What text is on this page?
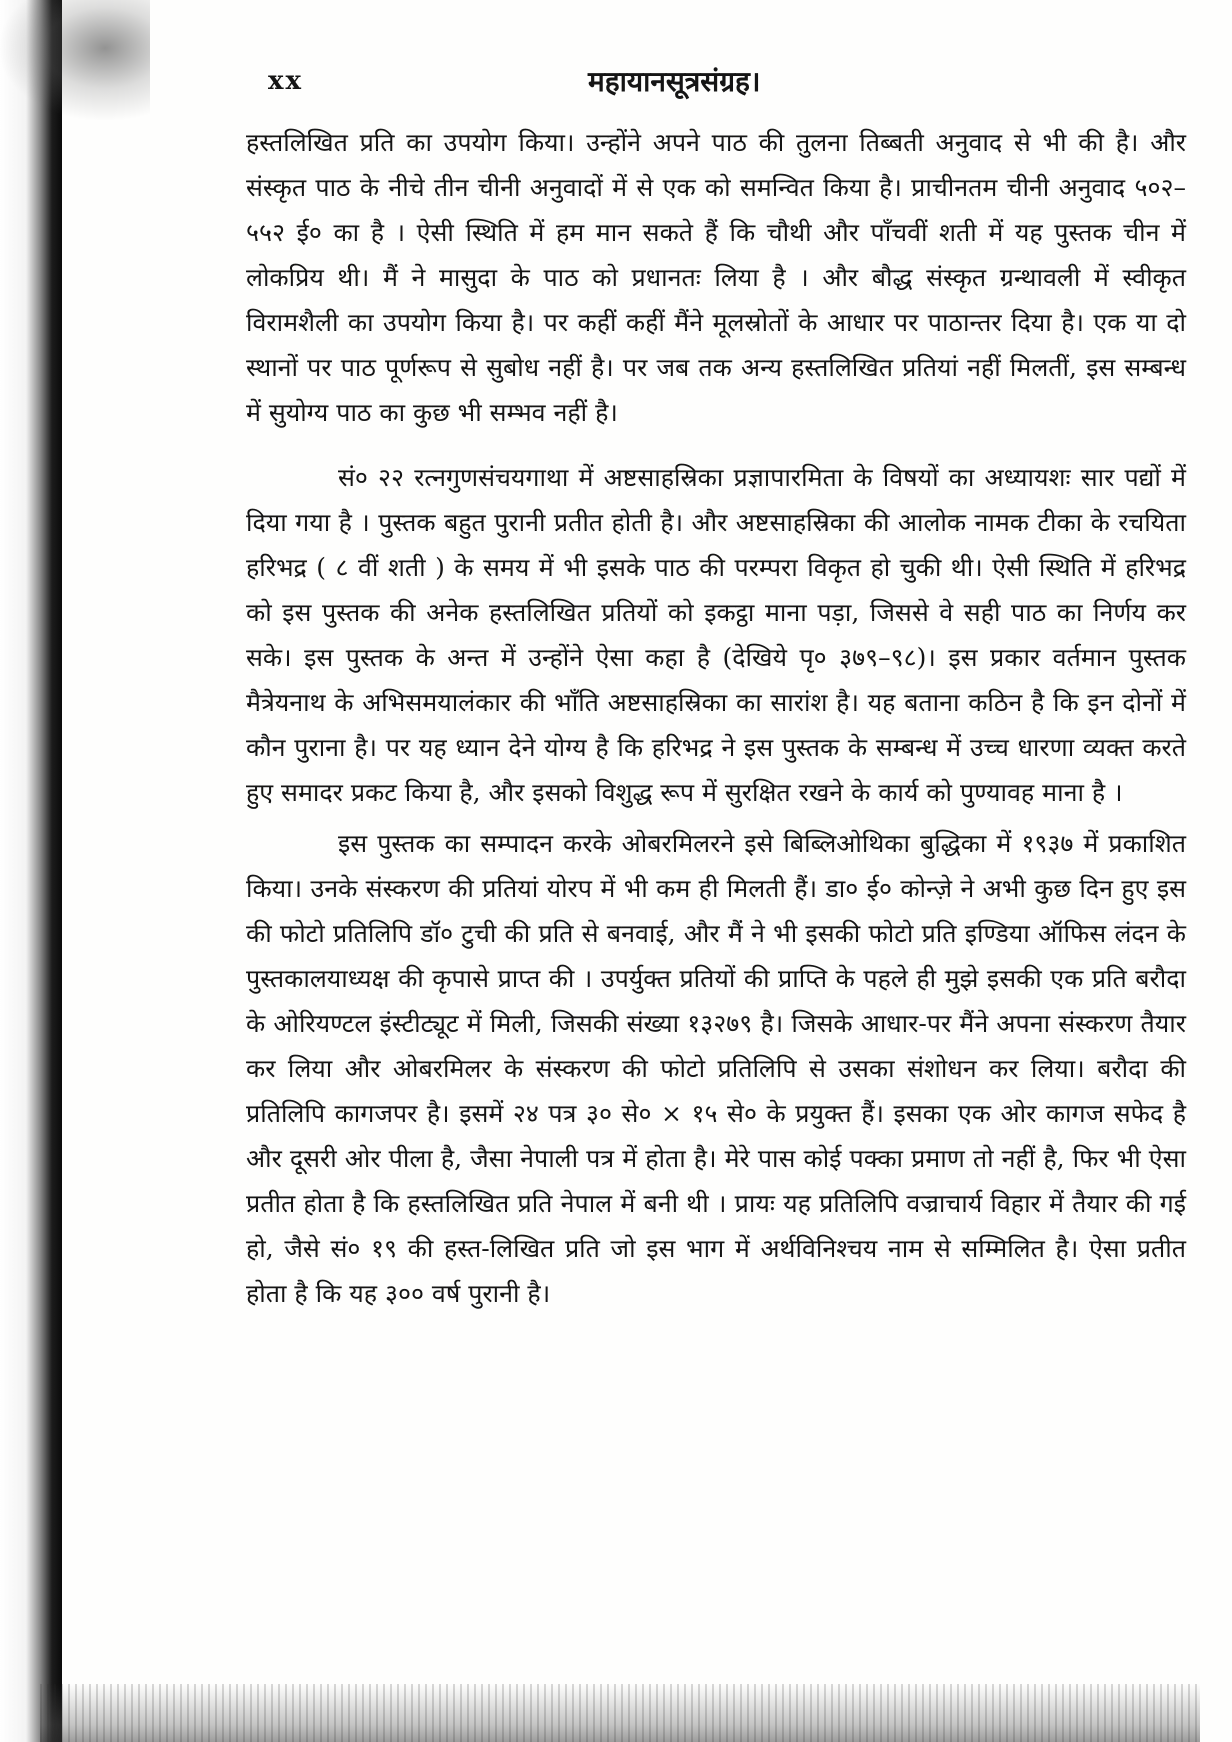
xx	महायानसूत्रसंग्रह।

हस्तलिखित प्रति का उपयोग किया। उन्होंने अपने पाठ की तुलना तिब्बती अनुवाद से भी की है। और संस्कृत पाठ के नीचे तीन चीनी अनुवादों में से एक को समन्वित किया है। प्राचीनतम चीनी अनुवाद ५०२–५५२ ई० का है । ऐसी स्थिति में हम मान सकते हैं कि चौथी और पाँचवीं शती में यह पुस्तक चीन में लोकप्रिय थी। मैं ने मासुदा के पाठ को प्रधानतः लिया है । और बौद्ध संस्कृत ग्रन्थावली में स्वीकृत विरामशैली का उपयोग किया है। पर कहीं कहीं मैंने मूलस्रोतों के आधार पर पाठान्तर दिया है। एक या दो स्थानों पर पाठ पूर्णरूप से सुबोध नहीं है। पर जब तक अन्य हस्तलिखित प्रतियां नहीं मिलतीं, इस सम्बन्ध में सुयोग्य पाठ का कुछ भी सम्भव नहीं है।

सं० २२ रत्नगुणसंचयगाथा में अष्टसाहस्रिका प्रज्ञापारमिता के विषयों का अध्यायशः सार पद्यों में दिया गया है । पुस्तक बहुत पुरानी प्रतीत होती है। और अष्टसाहस्रिका की आलोक नामक टीका के रचयिता हरिभद्र ( ८ वीं शती ) के समय में भी इसके पाठ की परम्परा विकृत हो चुकी थी। ऐसी स्थिति में हरिभद्र को इस पुस्तक की अनेक हस्तलिखित प्रतियों को इकट्ठा माना पड़ा, जिससे वे सही पाठ का निर्णय कर सके। इस पुस्तक के अन्त में उन्होंने ऐसा कहा है (देखिये पृ० ३७९–९८)। इस प्रकार वर्तमान पुस्तक मैत्रेयनाथ के अभिसमयालंकार की भाँति अष्टसाहस्रिका का सारांश है। यह बताना कठिन है कि इन दोनों में कौन पुराना है। पर यह ध्यान देने योग्य है कि हरिभद्र ने इस पुस्तक के सम्बन्ध में उच्च धारणा व्यक्त करते हुए समादर प्रकट किया है, और इसको विशुद्ध रूप में सुरक्षित रखने के कार्य को पुण्यावह माना है ।

इस पुस्तक का सम्पादन करके ओबरमिलरने इसे बिब्लिओथिका बुद्धिका में १९३७ में प्रकाशित किया। उनके संस्करण की प्रतियां योरप में भी कम ही मिलती हैं। डा० ई० कोन्ज़े ने अभी कुछ दिन हुए इस की फोटो प्रतिलिपि डॉ० टुची की प्रति से बनवाई, और मैं ने भी इसकी फोटो प्रति इण्डिया ऑफिस लंदन के पुस्तकालयाध्यक्ष की कृपासे प्राप्त की । उपर्युक्त प्रतियों की प्राप्ति के पहले ही मुझे इसकी एक प्रति बरौदा के ओरियण्टल इंस्टीट्यूट में मिली, जिसकी संख्या १३२७९ है। जिसके आधार-पर मैंने अपना संस्करण तैयार कर लिया और ओबरमिलर के संस्करण की फोटो प्रतिलिपि से उसका संशोधन कर लिया। बरौदा की प्रतिलिपि कागजपर है। इसमें २४ पत्र ३० से० × १५ से० के प्रयुक्त हैं। इसका एक ओर कागज सफेद है और दूसरी ओर पीला है, जैसा नेपाली पत्र में होता है। मेरे पास कोई पक्का प्रमाण तो नहीं है, फिर भी ऐसा प्रतीत होता है कि हस्तलिखित प्रति नेपाल में बनी थी । प्रायः यह प्रतिलिपि वज्राचार्य विहार में तैयार की गई हो, जैसे सं० १९ की हस्त-लिखित प्रति जो इस भाग में अर्थविनिश्चय नाम से सम्मिलित है। ऐसा प्रतीत होता है कि यह ३०० वर्ष पुरानी है।
